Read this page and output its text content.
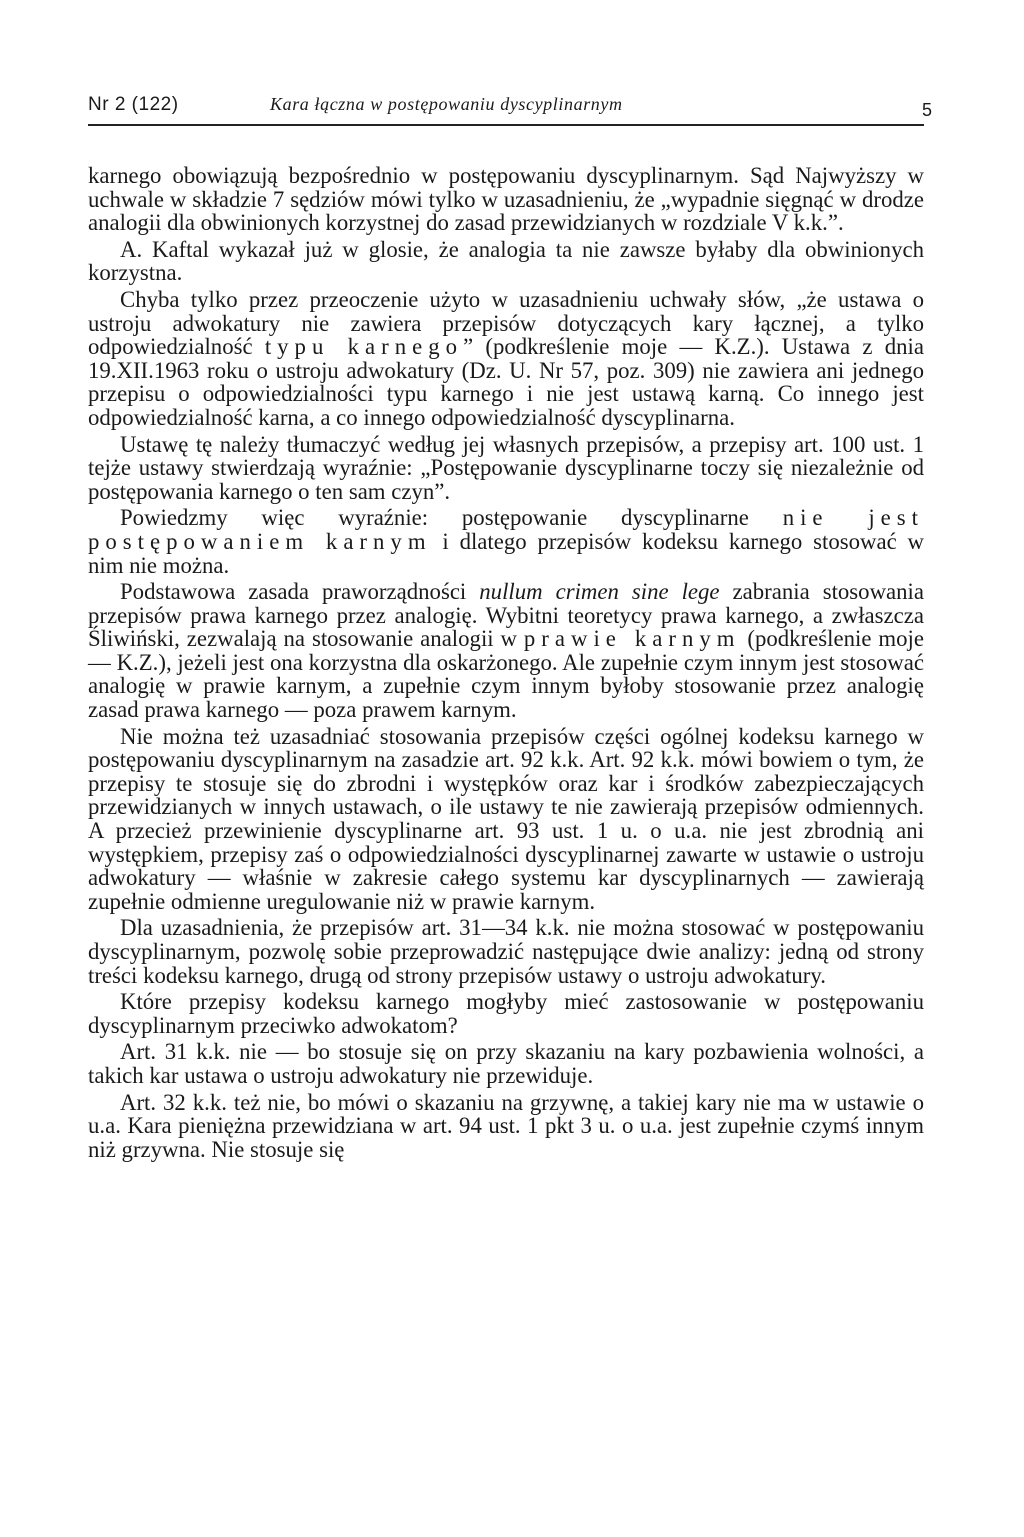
Nr 2 (122)	Kara łączna w postępowaniu dyscyplinarnym	5

karnego obowiązują bezpośrednio w postępowaniu dyscyplinarnym. Sąd Najwyższy w uchwale w składzie 7 sędziów mówi tylko w uzasadnieniu, że „wypadnie sięgnąć w drodze analogii dla obwinionych korzystnej do zasad przewidzianych w rozdziale V k.k.”.

A. Kaftal wykazał już w glosie, że analogia ta nie zawsze byłaby dla obwinionych korzystna.

Chyba tylko przez przeoczenie użyto w uzasadnieniu uchwały słów, „że ustawa o ustroju adwokatury nie zawiera przepisów dotyczących kary łącznej, a tylko odpowiedzialność typu karnego” (podkreślenie moje — K.Z.). Ustawa z dnia 19.XII.1963 roku o ustroju adwokatury (Dz. U. Nr 57, poz. 309) nie zawiera ani jednego przepisu o odpowiedzialności typu karnego i nie jest ustawą karną. Co innego jest odpowiedzialność karna, a co innego odpowiedzialność dyscyplinarna.

Ustawę tę należy tłumaczyć według jej własnych przepisów, a przepisy art. 100 ust. 1 tejże ustawy stwierdzają wyraźnie: „Postępowanie dyscyplinarne toczy się niezależnie od postępowania karnego o ten sam czyn”.

Powiedzmy więc wyraźnie: postępowanie dyscyplinarne nie jest postępowaniem karnym i dlatego przepisów kodeksu karnego stosować w nim nie można.

Podstawowa zasada praworządności nullum crimen sine lege zabrania stosowania przepisów prawa karnego przez analogię. Wybitni teoretycy prawa karnego, a zwłaszcza Śliwiński, zezwalają na stosowanie analogii w prawie karnym (podkreślenie moje — K.Z.), jeżeli jest ona korzystna dla oskarżonego. Ale zupełnie czym innym jest stosować analogię w prawie karnym, a zupełnie czym innym byłoby stosowanie przez analogię zasad prawa karnego — poza prawem karnym.

Nie można też uzasadniać stosowania przepisów części ogólnej kodeksu karnego w postępowaniu dyscyplinarnym na zasadzie art. 92 k.k. Art. 92 k.k. mówi bowiem o tym, że przepisy te stosuje się do zbrodni i występków oraz kar i środków zabezpieczających przewidzianych w innych ustawach, o ile ustawy te nie zawierają przepisów odmiennych. A przecież przewinienie dyscyplinarne art. 93 ust. 1 u. o u.a. nie jest zbrodnią ani występkiem, przepisy zaś o odpowiedzialności dyscyplinarnej zawarte w ustawie o ustroju adwokatury — właśnie w zakresie całego systemu kar dyscyplinarnych — zawierają zupełnie odmienne uregulowanie niż w prawie karnym.

Dla uzasadnienia, że przepisów art. 31—34 k.k. nie można stosować w postępowaniu dyscyplinarnym, pozwolę sobie przeprowadzić następujące dwie analizy: jedną od strony treści kodeksu karnego, drugą od strony przepisów ustawy o ustroju adwokatury.

Które przepisy kodeksu karnego mogłyby mieć zastosowanie w postępowaniu dyscyplinarnym przeciwko adwokatom?

Art. 31 k.k. nie — bo stosuje się on przy skazaniu na kary pozbawienia wolności, a takich kar ustawa o ustroju adwokatury nie przewiduje.

Art. 32 k.k. też nie, bo mówi o skazaniu na grzywnę, a takiej kary nie ma w ustawie o u.a. Kara pieniężna przewidziana w art. 94 ust. 1 pkt 3 u. o u.a. jest zupełnie czymś innym niż grzywna. Nie stosuje się
